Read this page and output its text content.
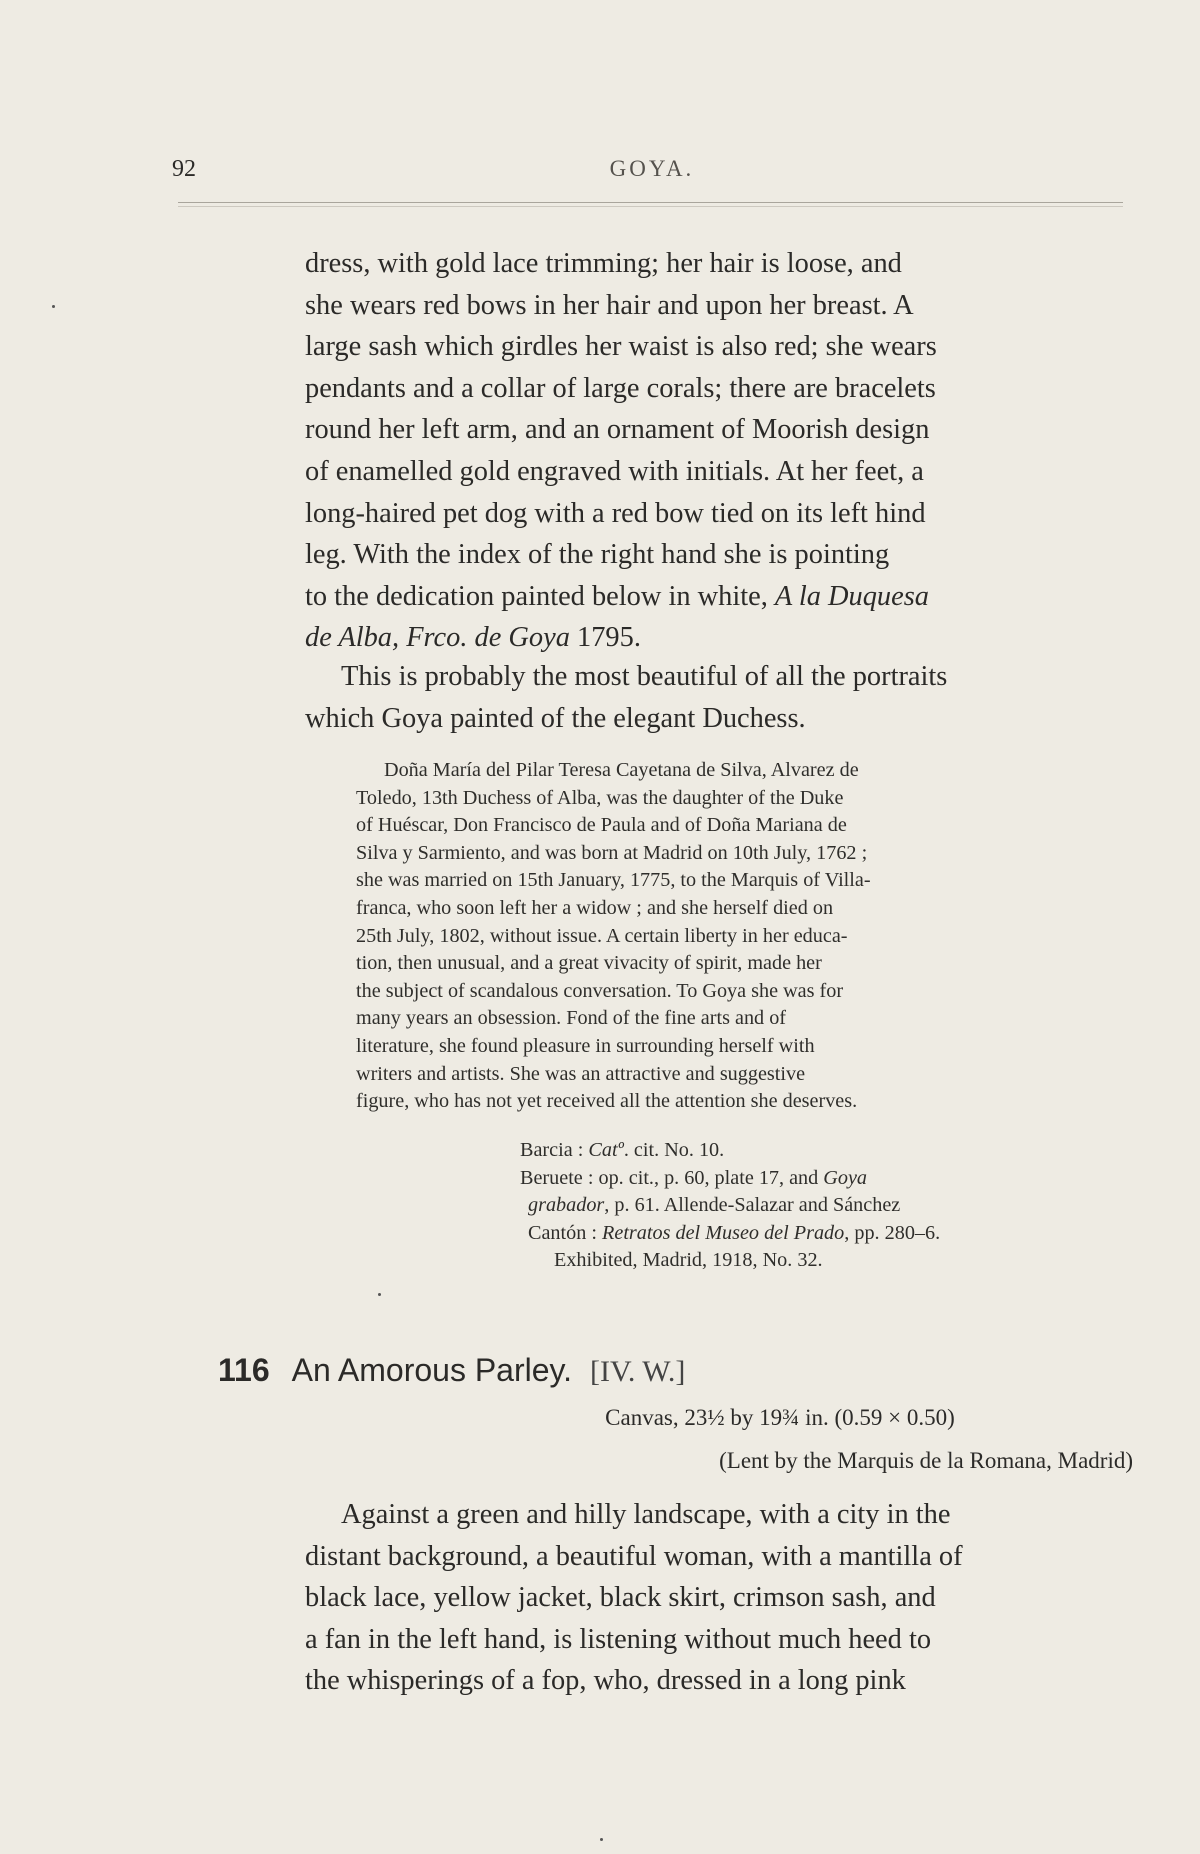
92	GOYA.
dress, with gold lace trimming; her hair is loose, and
she wears red bows in her hair and upon her breast. A
large sash which girdles her waist is also red; she wears
pendants and a collar of large corals; there are bracelets
round her left arm, and an ornament of Moorish design
of enamelled gold engraved with initials. At her feet, a
long-haired pet dog with a red bow tied on its left hind
leg. With the index of the right hand she is pointing
to the dedication painted below in white, A la Duquesa
de Alba, Frco. de Goya 1795.
This is probably the most beautiful of all the portraits
which Goya painted of the elegant Duchess.
Doña María del Pilar Teresa Cayetana de Silva, Alvarez de
Toledo, 13th Duchess of Alba, was the daughter of the Duke
of Huéscar, Don Francisco de Paula and of Doña Mariana de
Silva y Sarmiento, and was born at Madrid on 10th July, 1762 ;
she was married on 15th January, 1775, to the Marquis of Villa-
franca, who soon left her a widow ; and she herself died on
25th July, 1802, without issue. A certain liberty in her educa-
tion, then unusual, and a great vivacity of spirit, made her
the subject of scandalous conversation. To Goya she was for
many years an obsession. Fond of the fine arts and of
literature, she found pleasure in surrounding herself with
writers and artists. She was an attractive and suggestive
figure, who has not yet received all the attention she deserves.
Barcia : Catº. cit. No. 10.
Beruete : op. cit., p. 60, plate 17, and Goya
grabador, p. 61. Allende-Salazar and Sánchez
Cantón : Retratos del Museo del Prado, pp. 280–6.
Exhibited, Madrid, 1918, No. 32.
116 An Amorous Parley. [IV. W.]
Canvas, 23½ by 19¾ in. (0.59 × 0.50)
(Lent by the Marquis de la Romana, Madrid)
Against a green and hilly landscape, with a city in the
distant background, a beautiful woman, with a mantilla of
black lace, yellow jacket, black skirt, crimson sash, and
a fan in the left hand, is listening without much heed to
the whisperings of a fop, who, dressed in a long pink
